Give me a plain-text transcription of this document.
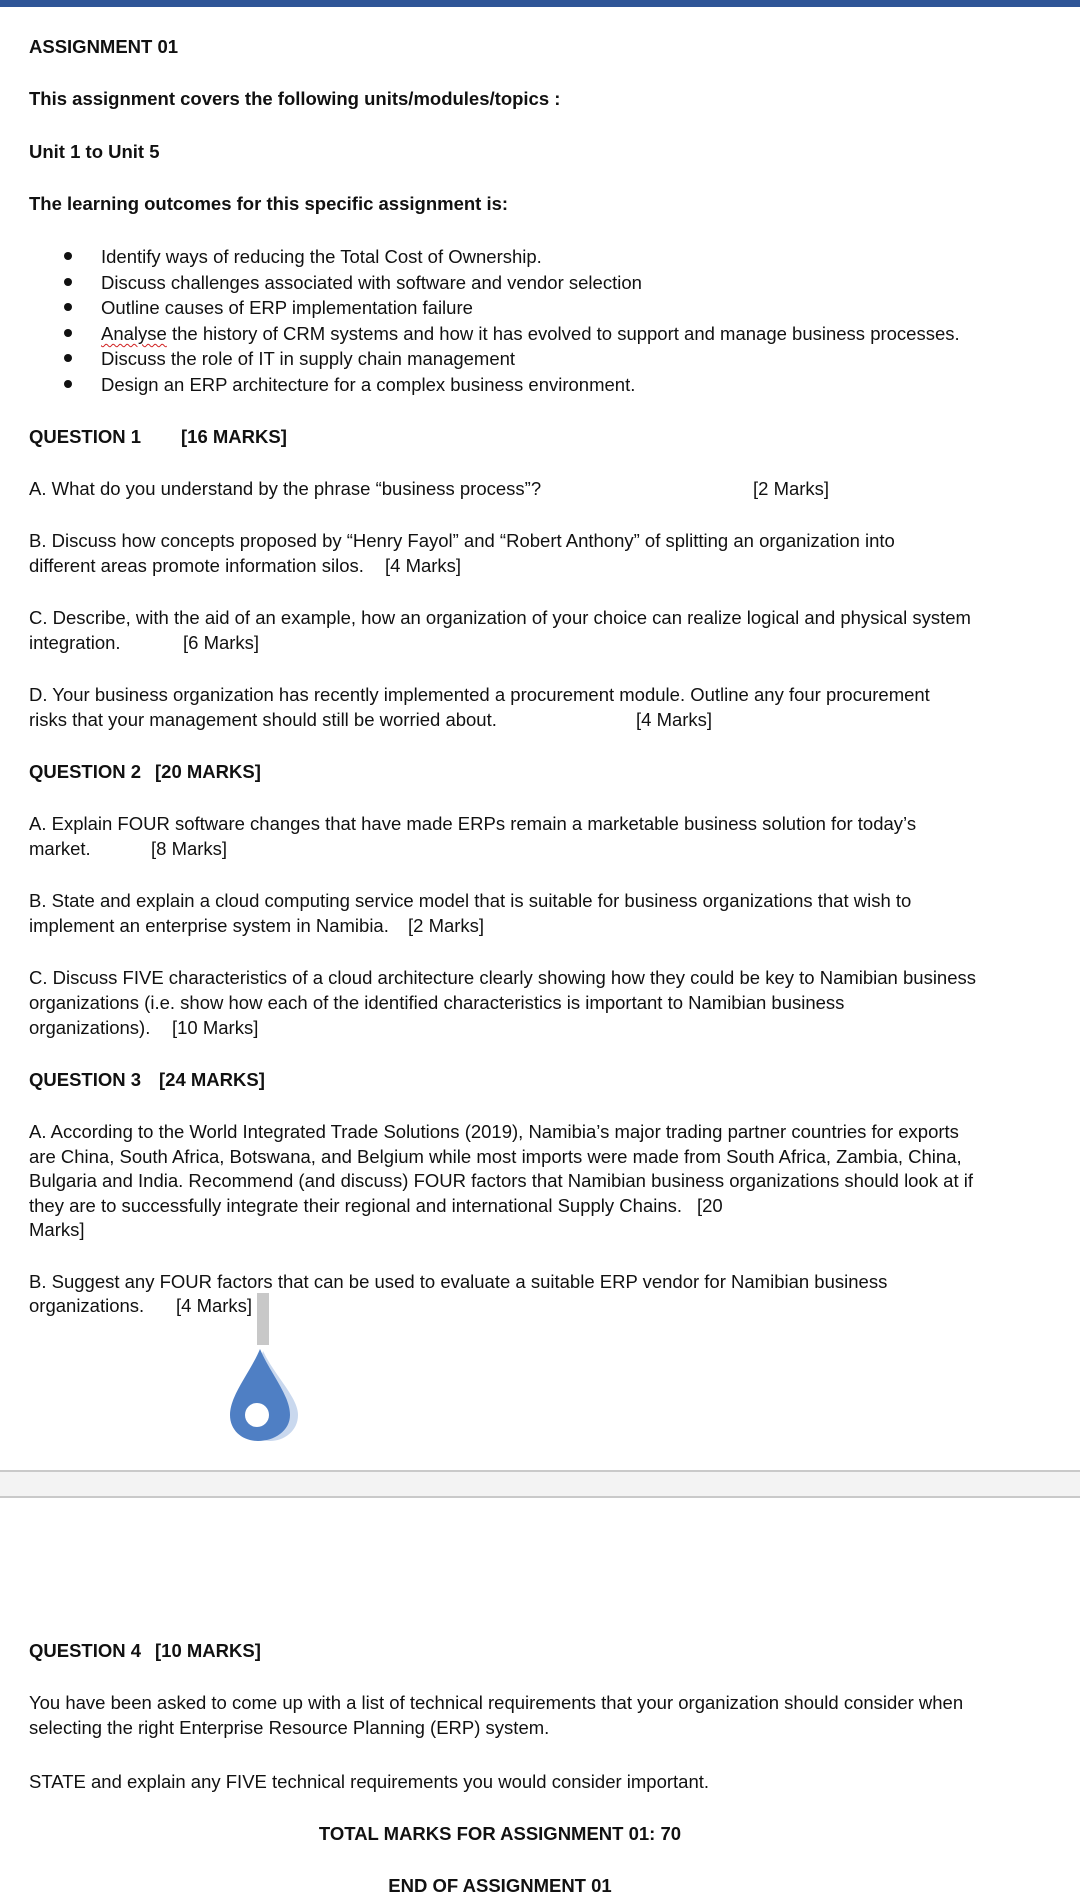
ASSIGNMENT 01
This assignment covers the following units/modules/topics :
Unit 1 to Unit 5
The learning outcomes for this specific assignment is:
Identify ways of reducing the Total Cost of Ownership.
Discuss challenges associated with software and vendor selection
Outline causes of ERP implementation failure
Analyse the history of CRM systems and how it has evolved to support and manage business processes.
Discuss the role of IT in supply chain management
Design an ERP architecture for a complex business environment.
QUESTION 1 [16 MARKS]
A. What do you understand by the phrase “business process”?	[2 Marks]
B. Discuss how concepts proposed by “Henry Fayol” and “Robert Anthony” of splitting an organization into
different areas promote information silos. [4 Marks]
C. Describe, with the aid of an example, how an organization of your choice can realize logical and physical system
integration.	[6 Marks]
D. Your business organization has recently implemented a procurement module. Outline any four procurement
risks that your management should still be worried about.	[4 Marks]
QUESTION 2 [20 MARKS]
A. Explain FOUR software changes that have made ERPs remain a marketable business solution for today’s
market.	[8 Marks]
B. State and explain a cloud computing service model that is suitable for business organizations that wish to
implement an enterprise system in Namibia. [2 Marks]
C. Discuss FIVE characteristics of a cloud architecture clearly showing how they could be key to Namibian business
organizations (i.e. show how each of the identified characteristics is important to Namibian business
organizations). [10 Marks]
QUESTION 3 [24 MARKS]
A. According to the World Integrated Trade Solutions (2019), Namibia’s major trading partner countries for exports
are China, South Africa, Botswana, and Belgium while most imports were made from South Africa, Zambia, China,
Bulgaria and India. Recommend (and discuss) FOUR factors that Namibian business organizations should look at if
they are to successfully integrate their regional and international Supply Chains. [20
Marks]
B. Suggest any FOUR factors that can be used to evaluate a suitable ERP vendor for Namibian business
organizations. [4 Marks]
QUESTION 4 [10 MARKS]
You have been asked to come up with a list of technical requirements that your organization should consider when
selecting the right Enterprise Resource Planning (ERP) system.
STATE and explain any FIVE technical requirements you would consider important.
TOTAL MARKS FOR ASSIGNMENT 01: 70
END OF ASSIGNMENT 01
